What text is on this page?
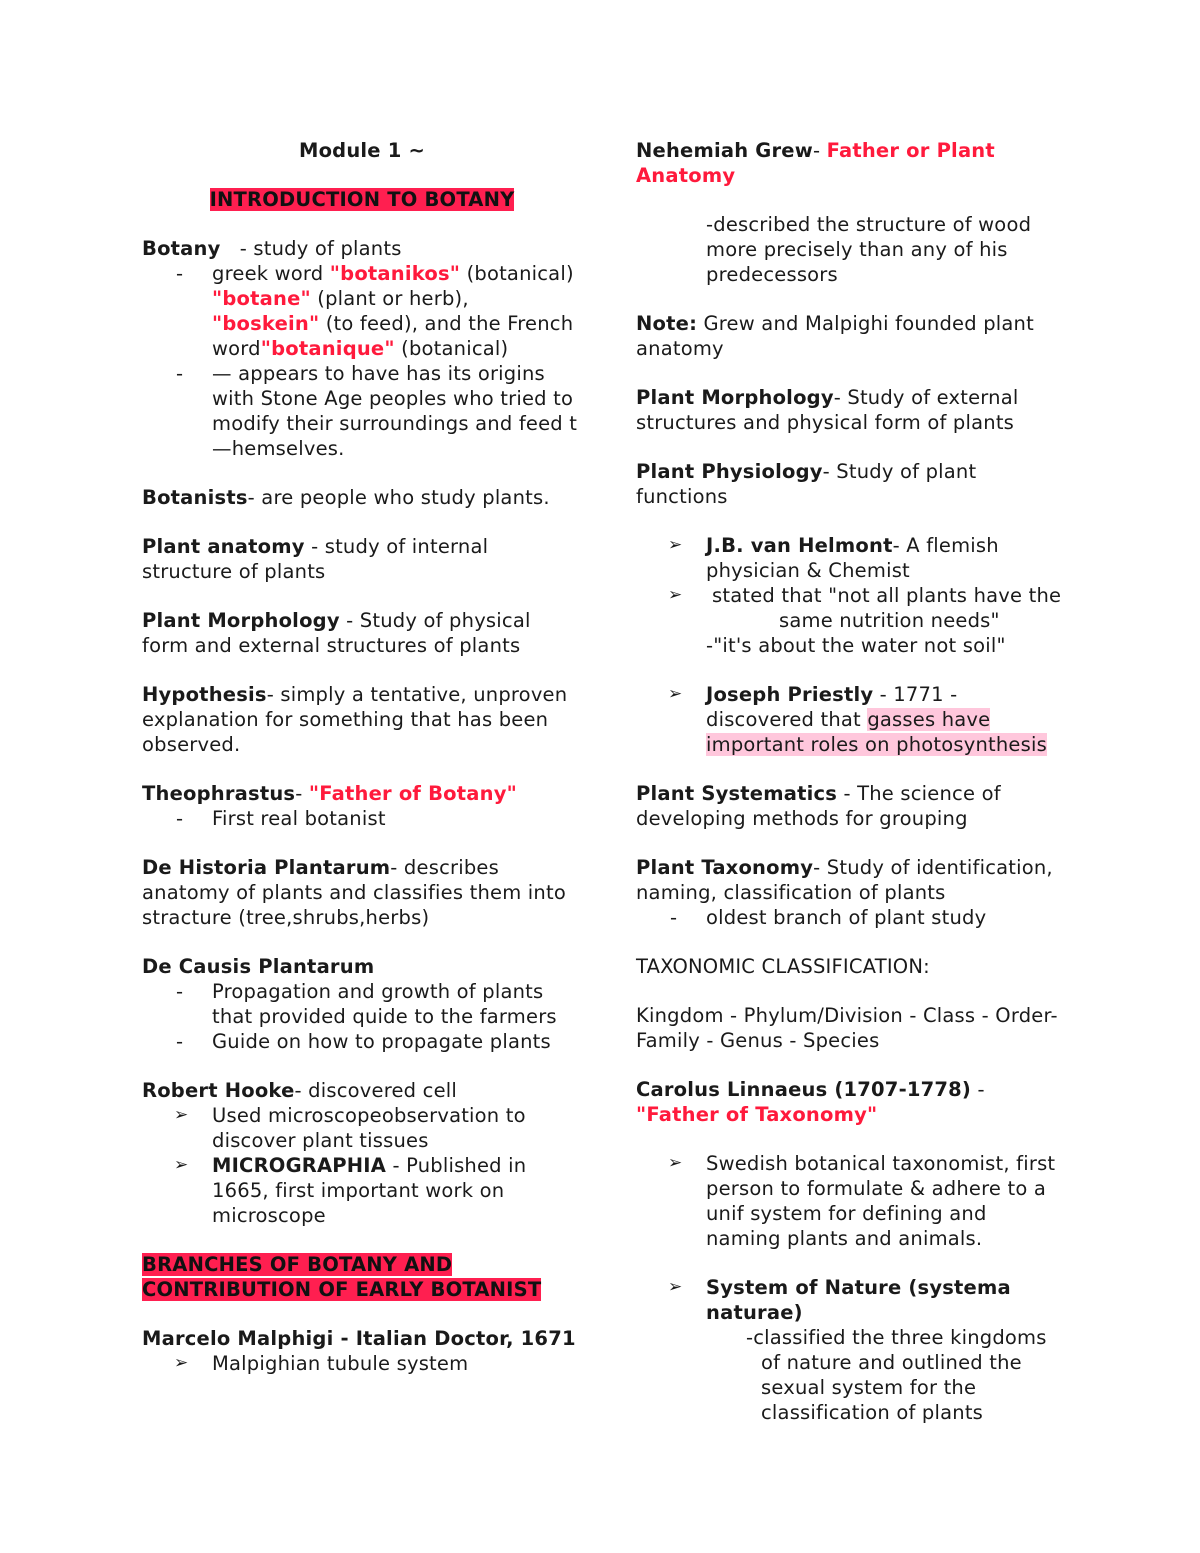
Module 1 ~

INTRODUCTION TO BOTANY

Botany   - study of plants
- greek word "botanikos" (botanical) "botane" (plant or herb), "boskein" (to feed), and the French word"botanique" (botanical)
- — appears to have has its origins with Stone Age peoples who tried to modify their surroundings and feed t—hemselves.

Botanists- are people who study plants.

Plant anatomy - study of internal structure of plants

Plant Morphology - Study of physical form and external structures of plants

Hypothesis- simply a tentative, unproven explanation for something that has been observed.

Theophrastus- "Father of Botany"
- First real botanist

De Historia Plantarum- describes anatomy of plants and classifies them into stracture (tree,shrubs,herbs)

De Causis Plantarum
- Propagation and growth of plants that provided quide to the farmers
- Guide on how to propagate plants
Robert Hooke- discovered cell
➢ Used microscopeobservation to discover plant tissues
➢ MICROGRAPHIA - Published in 1665, first important work on microscope
BRANCHES OF BOTANY AND
CONTRIBUTION OF EARLY BOTANIST
Marcelo Malphigi - Italian Doctor, 1671
➢ Malpighian tubule system
Nehemiah Grew- Father or Plant Anatomy
-described the structure of wood more precisely than any of his predecessors

Note: Grew and Malpighi founded plant anatomy

Plant Morphology- Study of external structures and physical form of plants

Plant Physiology- Study of plant functions

➢ J.B. van Helmont- A flemish physician & Chemist
➢ stated that "not all plants have the
same nutrition needs"
-"it's about the water not soil"
➢ Joseph Priestly - 1771 - discovered that gasses have important roles on photosynthesis

Plant Systematics - The science of developing methods for grouping

Plant Taxonomy- Study of identification, naming, classification of plants
- oldest branch of plant study

TAXONOMIC CLASSIFICATION:

Kingdom - Phylum/Division - Class - Order- Family - Genus - Species

Carolus Linnaeus (1707-1778) - "Father of Taxonomy"
➢ Swedish botanical taxonomist, first person to formulate & adhere to a unif system for defining and naming plants and animals.
➢ System of Nature (systema naturae)
-classified the three kingdoms
of nature and outlined the sexual system for the classification of plants
